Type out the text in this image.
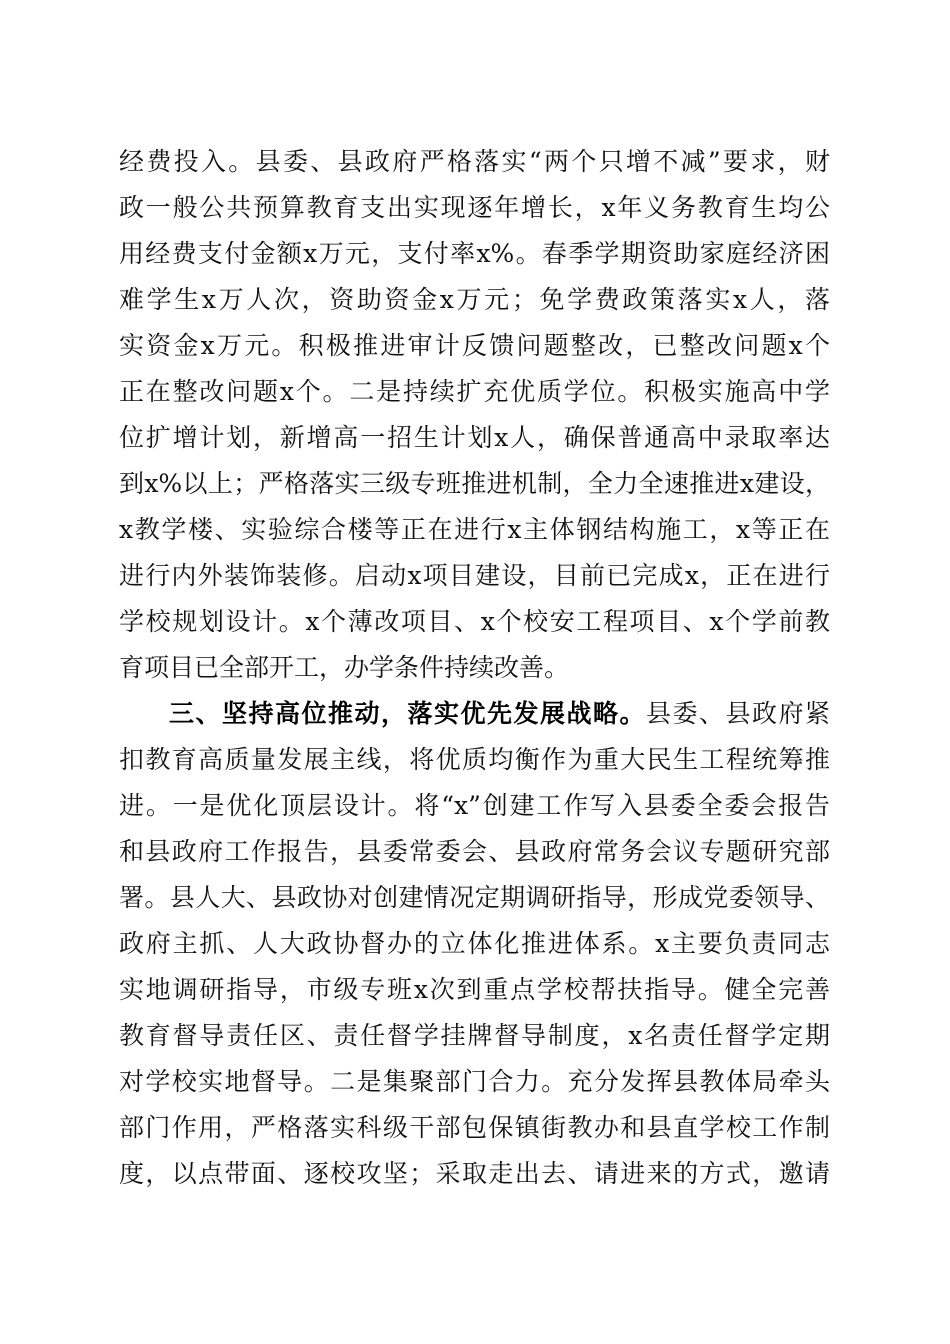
经费投入。县委、县政府严格落实“两个只增不减”要求，财
政一般公共预算教育支出实现逐年增长，x年义务教育生均公
用经费支付金额x万元，支付率x%。春季学期资助家庭经济困
难学生x万人次，资助资金x万元；免学费政策落实x人，落
实资金x万元。积极推进审计反馈问题整改，已整改问题x个
正在整改问题x个。二是持续扩充优质学位。积极实施高中学
位扩增计划，新增高一招生计划x人，确保普通高中录取率达
到x%以上；严格落实三级专班推进机制，全力全速推进x建设，
x教学楼、实验综合楼等正在进行x主体钢结构施工，x等正在
进行内外装饰装修。启动x项目建设，目前已完成x，正在进行
学校规划设计。x个薄改项目、x个校安工程项目、x个学前教
育项目已全部开工，办学条件持续改善。
三、坚持高位推动，落实优先发展战略。县委、县政府紧
扣教育高质量发展主线，将优质均衡作为重大民生工程统筹推
进。一是优化顶层设计。将“x”创建工作写入县委全委会报告
和县政府工作报告，县委常委会、县政府常务会议专题研究部
署。县人大、县政协对创建情况定期调研指导，形成党委领导、
政府主抓、人大政协督办的立体化推进体系。x主要负责同志
实地调研指导，市级专班x次到重点学校帮扶指导。健全完善
教育督导责任区、责任督学挂牌督导制度，x名责任督学定期
对学校实地督导。二是集聚部门合力。充分发挥县教体局牵头
部门作用，严格落实科级干部包保镇街教办和县直学校工作制
度，以点带面、逐校攻坚；采取走出去、请进来的方式，邀请
